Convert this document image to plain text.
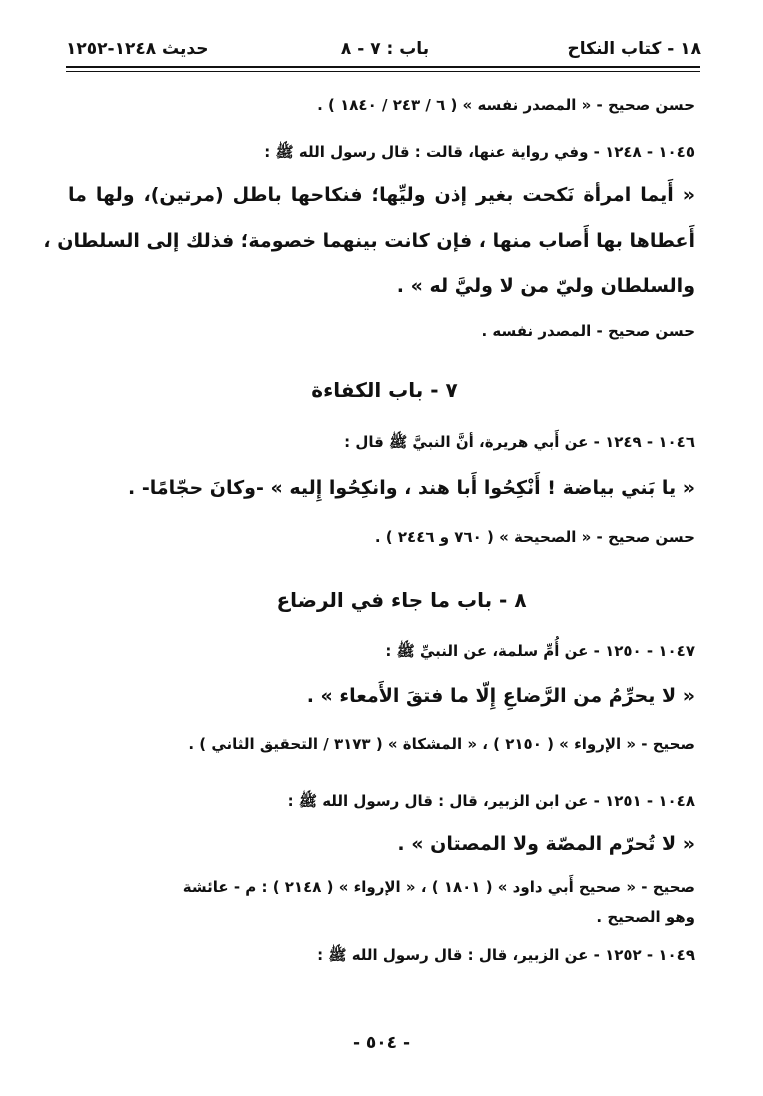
١٨ - كتاب النكاح
باب : ٧ - ٨
حديث ١٢٤٨-١٢٥٢
حسن صحيح - « المصدر نفسه » ( ٦ / ٢٤٣ / ١٨٤٠ ) .
١٠٤٥ - ١٢٤٨ - وفي رواية عنها، قالت : قال رسول الله ﷺ :
« أَيما امرأة نَكحت بغير إذن وليِّها؛ فنكاحها باطل (مرتين)، ولها ما
أَعطاها بها أَصاب منها ، فإن كانت بينهما خصومة؛ فذلك إلى السلطان ،
والسلطان وليّ من لا وليَّ له » .
حسن صحيح - المصدر نفسه .
٧ - باب الكفاءة
١٠٤٦ - ١٢٤٩ - عن أَبي هريرة، أنَّ النبيَّ ﷺ قال :
« يا بَني بياضة ! أَنْكِحُوا أَبا هند ، وانكِحُوا إِليه » -وكانَ حجّامًا- .
حسن صحيح - « الصحيحة » ( ٧٦٠ و ٢٤٤٦ ) .
٨ - باب ما جاء في الرضاع
١٠٤٧ - ١٢٥٠ - عن أُمِّ سلمة، عن النبيِّ ﷺ :
« لا يحرِّمُ من الرَّضاعِ إِلّا ما فتقَ الأَمعاء » .
صحيح - « الإرواء » ( ٢١٥٠ ) ، « المشكاة » ( ٣١٧٣ / التحقيق الثاني ) .
١٠٤٨ - ١٢٥١ - عن ابن الزبير، قال : قال رسول الله ﷺ :
« لا تُحرّم المصّة ولا المصتان » .
صحيح - « صحيح أَبي داود » ( ١٨٠١ ) ، « الإرواء » ( ٢١٤٨ ) : م - عائشة
وهو الصحيح .
١٠٤٩ - ١٢٥٢ - عن الزبير، قال : قال رسول الله ﷺ :
- ٥٠٤ -
